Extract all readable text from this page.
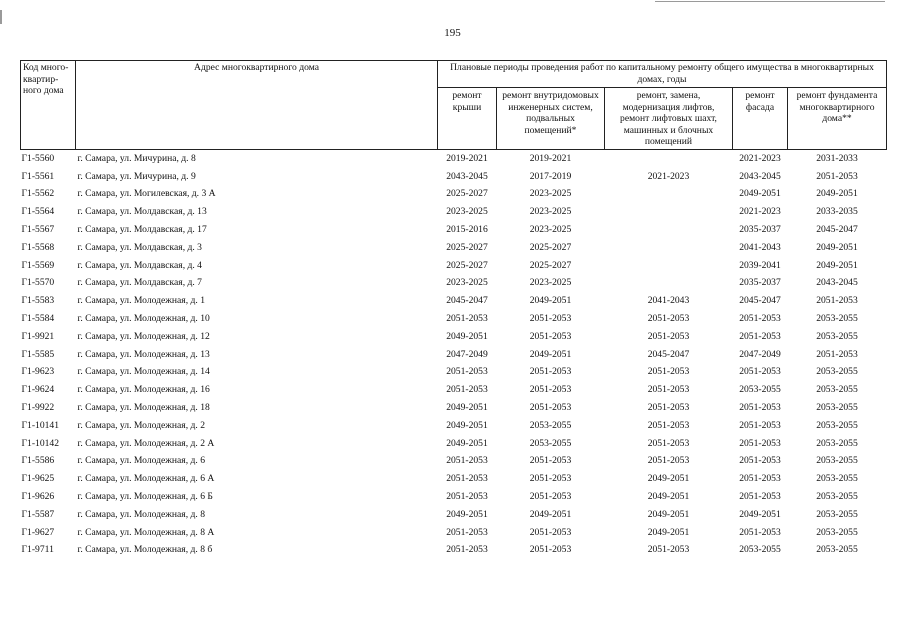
195
Код много-квартир-ного дома	Адрес многоквартирного дома	Плановые периоды проведения работ по капитальному ремонту общего имущества в многоквартирных домах, годы				
		ремонт крыши	ремонт внутридомовых инженерных систем, подвальных помещений*	ремонт, замена, модернизация лифтов, ремонт лифтовых шахт, машинных и блочных помещений	ремонт фасада	ремонт фундамента многоквартирного дома**
Г1-5560	г. Самара, ул. Мичурина, д. 8	2019-2021	2019-2021		2021-2023	2031-2033
Г1-5561	г. Самара, ул. Мичурина, д. 9	2043-2045	2017-2019	2021-2023	2043-2045	2051-2053
Г1-5562	г. Самара, ул. Могилевская, д. 3 А	2025-2027	2023-2025		2049-2051	2049-2051
Г1-5564	г. Самара, ул. Молдавская, д. 13	2023-2025	2023-2025		2021-2023	2033-2035
Г1-5567	г. Самара, ул. Молдавская, д. 17	2015-2016	2023-2025		2035-2037	2045-2047
Г1-5568	г. Самара, ул. Молдавская, д. 3	2025-2027	2025-2027		2041-2043	2049-2051
Г1-5569	г. Самара, ул. Молдавская, д. 4	2025-2027	2025-2027		2039-2041	2049-2051
Г1-5570	г. Самара, ул. Молдавская, д. 7	2023-2025	2023-2025		2035-2037	2043-2045
Г1-5583	г. Самара, ул. Молодежная, д. 1	2045-2047	2049-2051	2041-2043	2045-2047	2051-2053
Г1-5584	г. Самара, ул. Молодежная, д. 10	2051-2053	2051-2053	2051-2053	2051-2053	2053-2055
Г1-9921	г. Самара, ул. Молодежная, д. 12	2049-2051	2051-2053	2051-2053	2051-2053	2053-2055
Г1-5585	г. Самара, ул. Молодежная, д. 13	2047-2049	2049-2051	2045-2047	2047-2049	2051-2053
Г1-9623	г. Самара, ул. Молодежная, д. 14	2051-2053	2051-2053	2051-2053	2051-2053	2053-2055
Г1-9624	г. Самара, ул. Молодежная, д. 16	2051-2053	2051-2053	2051-2053	2053-2055	2053-2055
Г1-9922	г. Самара, ул. Молодежная, д. 18	2049-2051	2051-2053	2051-2053	2051-2053	2053-2055
Г1-10141	г. Самара, ул. Молодежная, д. 2	2049-2051	2053-2055	2051-2053	2051-2053	2053-2055
Г1-10142	г. Самара, ул. Молодежная, д. 2 А	2049-2051	2053-2055	2051-2053	2051-2053	2053-2055
Г1-5586	г. Самара, ул. Молодежная, д. 6	2051-2053	2051-2053	2051-2053	2051-2053	2053-2055
Г1-9625	г. Самара, ул. Молодежная, д. 6 А	2051-2053	2051-2053	2049-2051	2051-2053	2053-2055
Г1-9626	г. Самара, ул. Молодежная, д. 6 Б	2051-2053	2051-2053	2049-2051	2051-2053	2053-2055
Г1-5587	г. Самара, ул. Молодежная, д. 8	2049-2051	2049-2051	2049-2051	2049-2051	2053-2055
Г1-9627	г. Самара, ул. Молодежная, д. 8 А	2051-2053	2051-2053	2049-2051	2051-2053	2053-2055
Г1-9711	г. Самара, ул. Молодежная, д. 8 б	2051-2053	2051-2053	2051-2053	2053-2055	2053-2055
